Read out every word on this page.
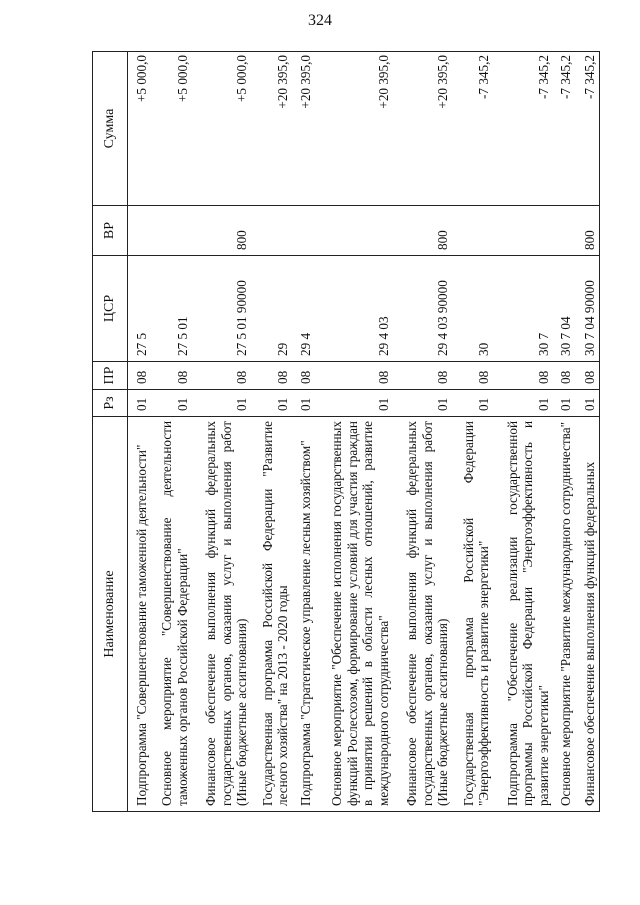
324
Наименование	Рз	ПР	ЦСР	ВР	Сумма
Подпрограмма "Совершенствование таможенной деятельности"	01	08	27 5		+5 000,0
Основное мероприятие "Совершенствование деятельности таможенных органов Российской Федерации"	01	08	27 5 01		+5 000,0
Финансовое обеспечение выполнения функций федеральных государственных органов, оказания услуг и выполнения работ (Иные бюджетные ассигнования)	01	08	27 5 01 90000	800	+5 000,0
Государственная программа Российской Федерации "Развитие лесного хозяйства" на 2013 - 2020 годы	01	08	29		+20 395,0
Подпрограмма "Стратегическое управление лесным хозяйством"	01	08	29 4		+20 395,0
Основное мероприятие "Обеспечение исполнения государственных функций Рослесхозом, формирование условий для участия граждан в принятии решений в области лесных отношений, развитие международного сотрудничества"	01	08	29 4 03		+20 395,0
Финансовое обеспечение выполнения функций федеральных государственных органов, оказания услуг и выполнения работ (Иные бюджетные ассигнования)	01	08	29 4 03 90000	800	+20 395,0
Государственная программа Российской Федерации "Энергоэффективность и развитие энергетики"	01	08	30		-7 345,2
Подпрограмма "Обеспечение реализации государственной программы Российской Федерации "Энергоэффективность и развитие энергетики"	01	08	30 7		-7 345,2
Основное мероприятие "Развитие международного сотрудничества"	01	08	30 7 04		-7 345,2
Финансовое обеспечение выполнения функций федеральных	01	08	30 7 04 90000	800	-7 345,2
